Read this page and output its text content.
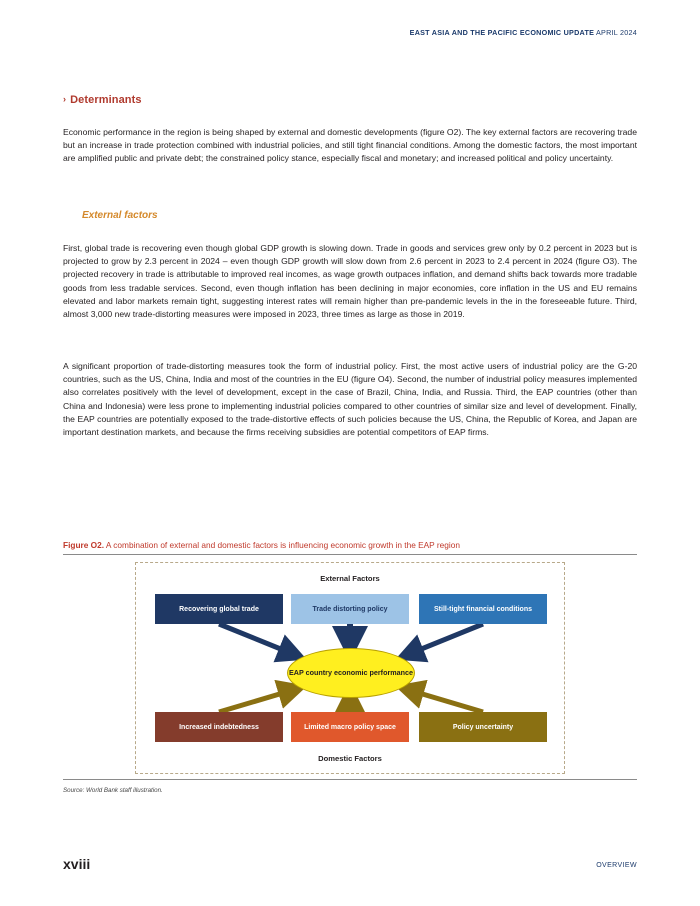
EAST ASIA AND THE PACIFIC ECONOMIC UPDATE APRIL 2024
› Determinants
Economic performance in the region is being shaped by external and domestic developments (figure O2). The key external factors are recovering trade but an increase in trade protection combined with industrial policies, and still tight financial conditions. Among the domestic factors, the most important are amplified public and private debt; the constrained policy stance, especially fiscal and monetary; and increased political and policy uncertainty.
External factors
First, global trade is recovering even though global GDP growth is slowing down. Trade in goods and services grew only by 0.2 percent in 2023 but is projected to grow by 2.3 percent in 2024 – even though GDP growth will slow down from 2.6 percent in 2023 to 2.4 percent in 2024 (figure O3). The projected recovery in trade is attributable to improved real incomes, as wage growth outpaces inflation, and demand shifts back towards more tradable goods from less tradable services. Second, even though inflation has been declining in major economies, core inflation in the US and EU remains elevated and labor markets remain tight, suggesting interest rates will remain higher than pre-pandemic levels in the in the foreseeable future. Third, almost 3,000 new trade-distorting measures were imposed in 2023, three times as large as those in 2019.
A significant proportion of trade-distorting measures took the form of industrial policy. First, the most active users of industrial policy are the G-20 countries, such as the US, China, India and most of the countries in the EU (figure O4). Second, the number of industrial policy measures implemented also correlates positively with the level of development, except in the case of Brazil, China, India, and Russia. Third, the EAP countries (other than China and Indonesia) were less prone to implementing industrial policies compared to other countries of similar size and level of development. Finally, the EAP countries are potentially exposed to the trade-distortive effects of such policies because the US, China, the Republic of Korea, and Japan are important destination markets, and because the firms receiving subsidies are potential competitors of EAP firms.
Figure O2. A combination of external and domestic factors is influencing economic growth in the EAP region
External Factors
Domestic Factors
Recovering global trade	Trade distorting policy	Still-tight financial conditions
EAP country economic performance
Increased indebtedness	Limited macro policy space	Policy uncertainty
Source: World Bank staff illustration.
xviii	OVERVIEW
